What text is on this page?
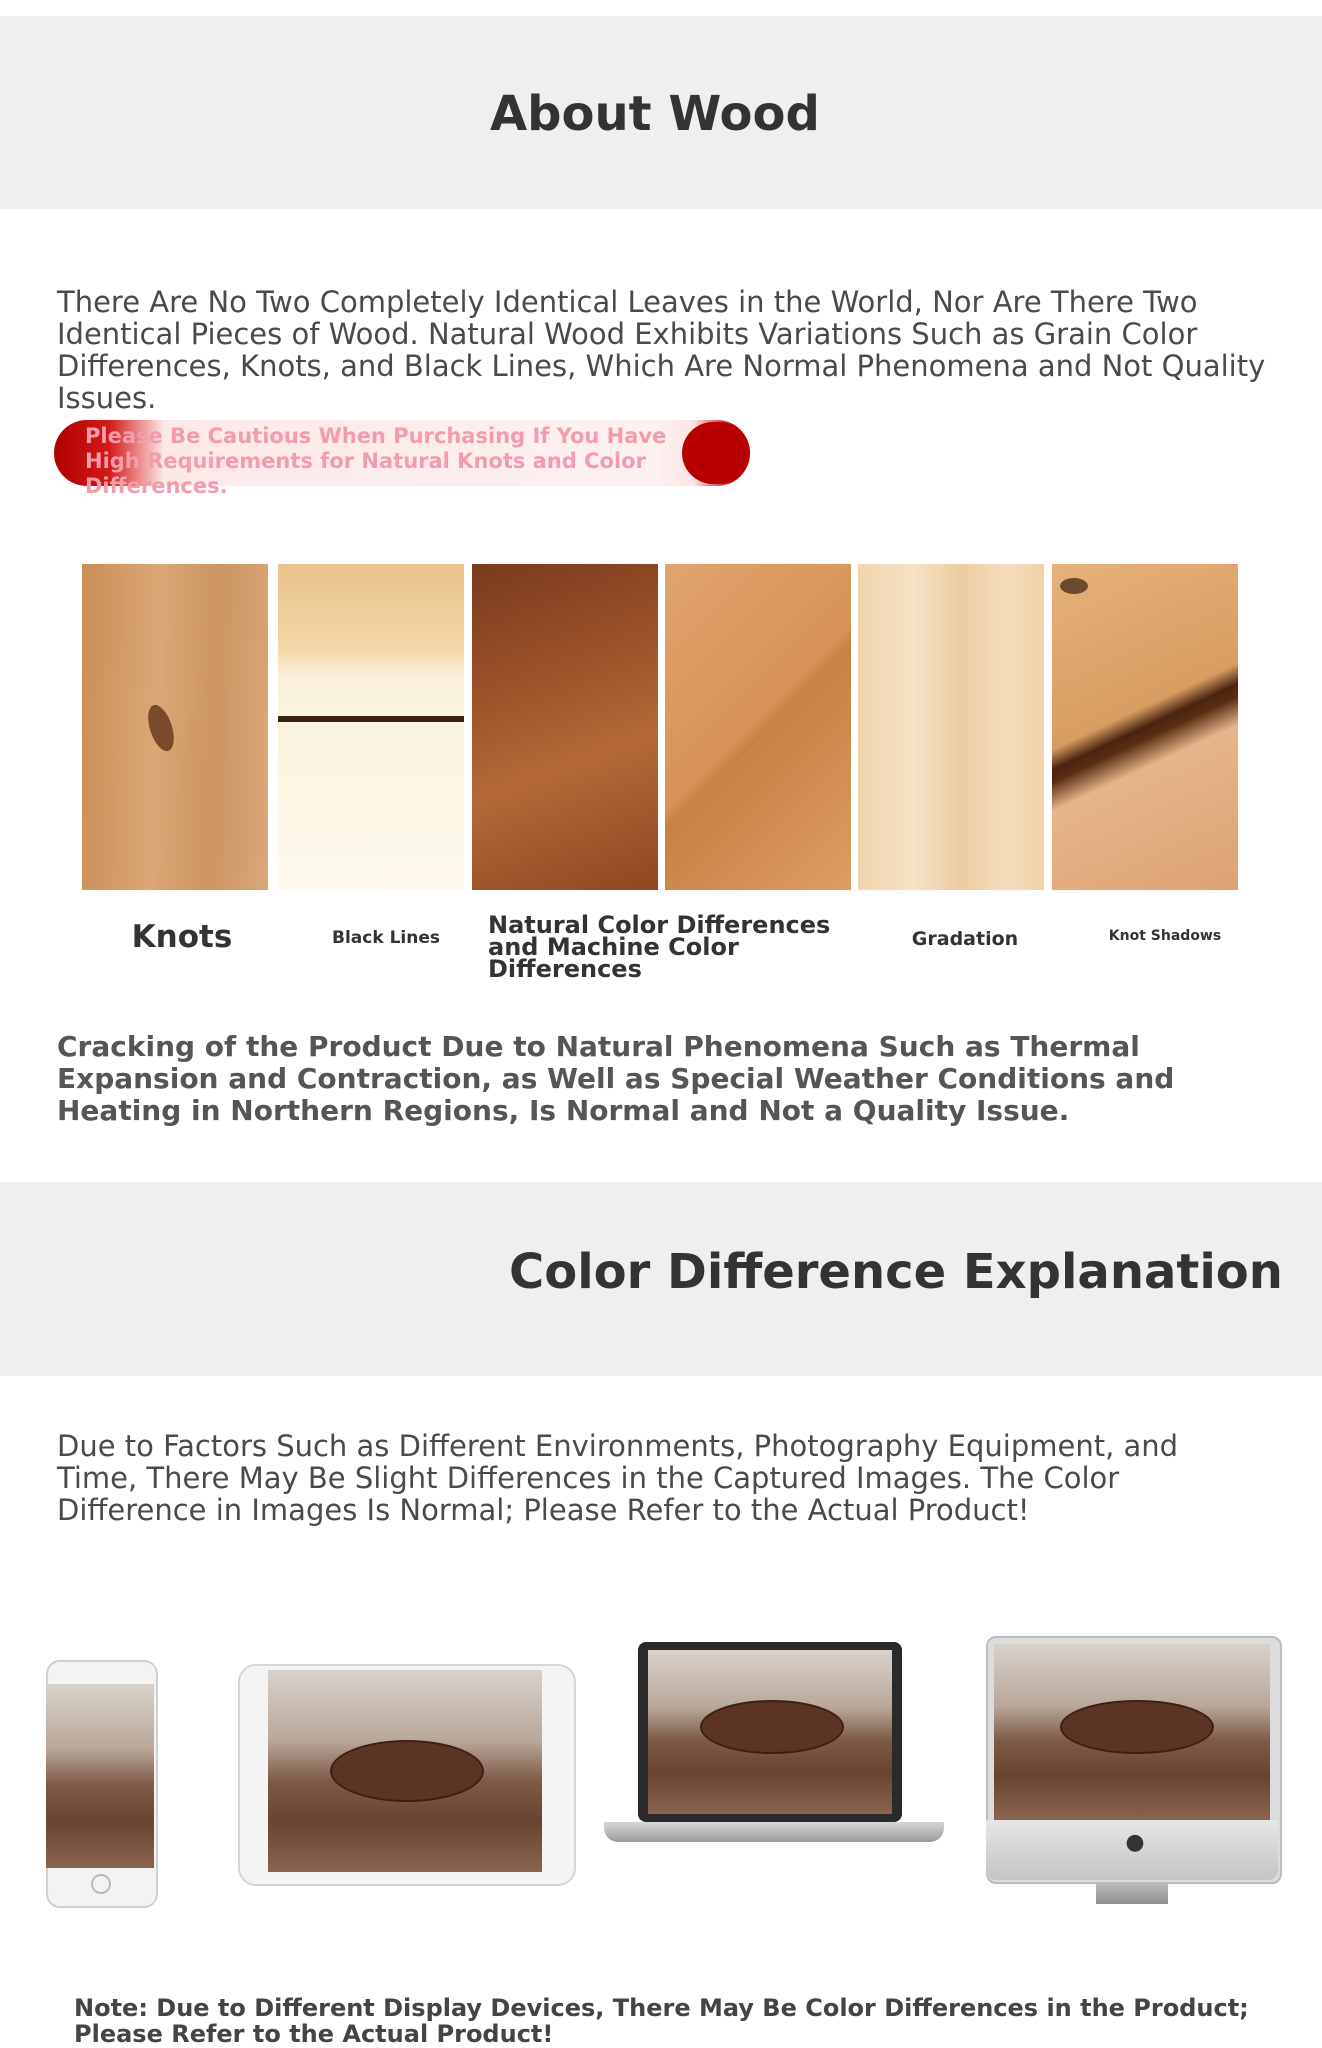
About Wood

There Are No Two Completely Identical Leaves in the World, Nor Are There Two Identical Pieces of Wood. Natural Wood Exhibits Variations Such as Grain Color Differences, Knots, and Black Lines, Which Are Normal Phenomena and Not Quality Issues.

Please Be Cautious When Purchasing If You Have High Requirements for Natural Knots and Color Differences.

Knots	Black Lines	Natural Color Differences and Machine Color Differences

Gradation	Knot Shadows

Cracking of the Product Due to Natural Phenomena Such as Thermal Expansion and Contraction, as Well as Special Weather Conditions and Heating in Northern Regions, Is Normal and Not a Quality Issue.

Color Difference Explanation

Due to Factors Such as Different Environments, Photography Equipment, and Time, There May Be Slight Differences in the Captured Images. The Color Difference in Images Is Normal; Please Refer to the Actual Product!

●

Note: Due to Different Display Devices, There May Be Color Differences in the Product; Please Refer to the Actual Product!
